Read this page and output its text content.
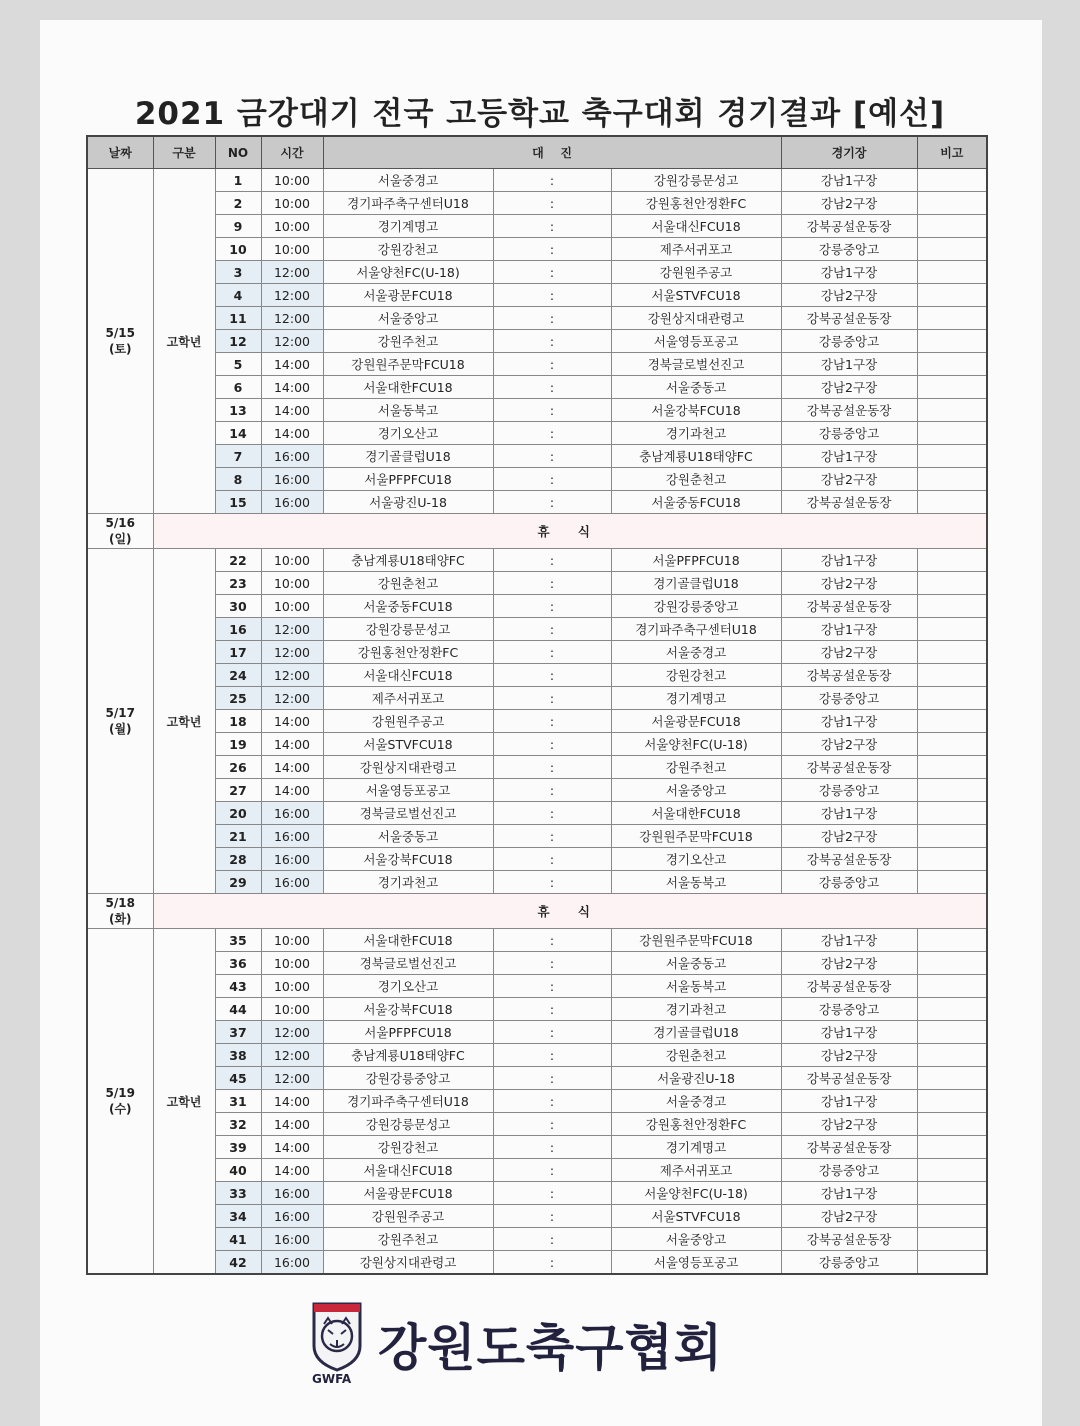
2021 금강대기 전국 고등학교 축구대회 경기결과 [예선]
날짜	구분	NO	시간	대    진			경기장	비고

5/15
(토)	고학년	1	10:00	서울중경고	:	강원강릉문성고	강남1구장	
		2	10:00	경기파주축구센터U18	:	강원홍천안정환FC	강남2구장	
		9	10:00	경기계명고	:	서울대신FCU18	강북공설운동장	
		10	10:00	강원강천고	:	제주서귀포고	강릉중앙고	
		3	12:00	서울양천FC(U-18)	:	강원원주공고	강남1구장	
		4	12:00	서울광문FCU18	:	서울STVFCU18	강남2구장	
		11	12:00	서울중앙고	:	강원상지대관령고	강북공설운동장	
		12	12:00	강원주천고	:	서울영등포공고	강릉중앙고	
		5	14:00	강원원주문막FCU18	:	경북글로벌선진고	강남1구장	
		6	14:00	서울대한FCU18	:	서울중동고	강남2구장	
		13	14:00	서울동북고	:	서울강북FCU18	강북공설운동장	
		14	14:00	경기오산고	:	경기과천고	강릉중앙고	
		7	16:00	경기골클럽U18	:	충남계룡U18태양FC	강남1구장	
		8	16:00	서울PFPFCU18	:	강원춘천고	강남2구장	
		15	16:00	서울광진U-18	:	서울중동FCU18	강북공설운동장	

5/16
(일)	휴 식							

5/17
(월)	고학년	22	10:00	충남계룡U18태양FC	:	서울PFPFCU18	강남1구장	
		23	10:00	강원춘천고	:	경기골클럽U18	강남2구장	
		30	10:00	서울중동FCU18	:	강원강릉중앙고	강북공설운동장	
		16	12:00	강원강릉문성고	:	경기파주축구센터U18	강남1구장	
		17	12:00	강원홍천안정환FC	:	서울중경고	강남2구장	
		24	12:00	서울대신FCU18	:	강원강천고	강북공설운동장	
		25	12:00	제주서귀포고	:	경기계명고	강릉중앙고	
		18	14:00	강원원주공고	:	서울광문FCU18	강남1구장	
		19	14:00	서울STVFCU18	:	서울양천FC(U-18)	강남2구장	
		26	14:00	강원상지대관령고	:	강원주천고	강북공설운동장	
		27	14:00	서울영등포공고	:	서울중앙고	강릉중앙고	
		20	16:00	경북글로벌선진고	:	서울대한FCU18	강남1구장	
		21	16:00	서울중동고	:	강원원주문막FCU18	강남2구장	
		28	16:00	서울강북FCU18	:	경기오산고	강북공설운동장	
		29	16:00	경기과천고	:	서울동북고	강릉중앙고	

5/18
(화)	휴 식							

5/19
(수)	고학년	35	10:00	서울대한FCU18	:	강원원주문막FCU18	강남1구장	
		36	10:00	경북글로벌선진고	:	서울중동고	강남2구장	
		43	10:00	경기오산고	:	서울동북고	강북공설운동장	
		44	10:00	서울강북FCU18	:	경기과천고	강릉중앙고	
		37	12:00	서울PFPFCU18	:	경기골클럽U18	강남1구장	
		38	12:00	충남계룡U18태양FC	:	강원춘천고	강남2구장	
		45	12:00	강원강릉중앙고	:	서울광진U-18	강북공설운동장	
		31	14:00	경기파주축구센터U18	:	서울중경고	강남1구장	
		32	14:00	강원강릉문성고	:	강원홍천안정환FC	강남2구장	
		39	14:00	강원강천고	:	경기계명고	강북공설운동장	
		40	14:00	서울대신FCU18	:	제주서귀포고	강릉중앙고	
		33	16:00	서울광문FCU18	:	서울양천FC(U-18)	강남1구장	
		34	16:00	강원원주공고	:	서울STVFCU18	강남2구장	
		41	16:00	강원주천고	:	서울중앙고	강북공설운동장	
		42	16:00	강원상지대관령고	:	서울영등포공고	강릉중앙고	
GWFA
강원도축구협회
